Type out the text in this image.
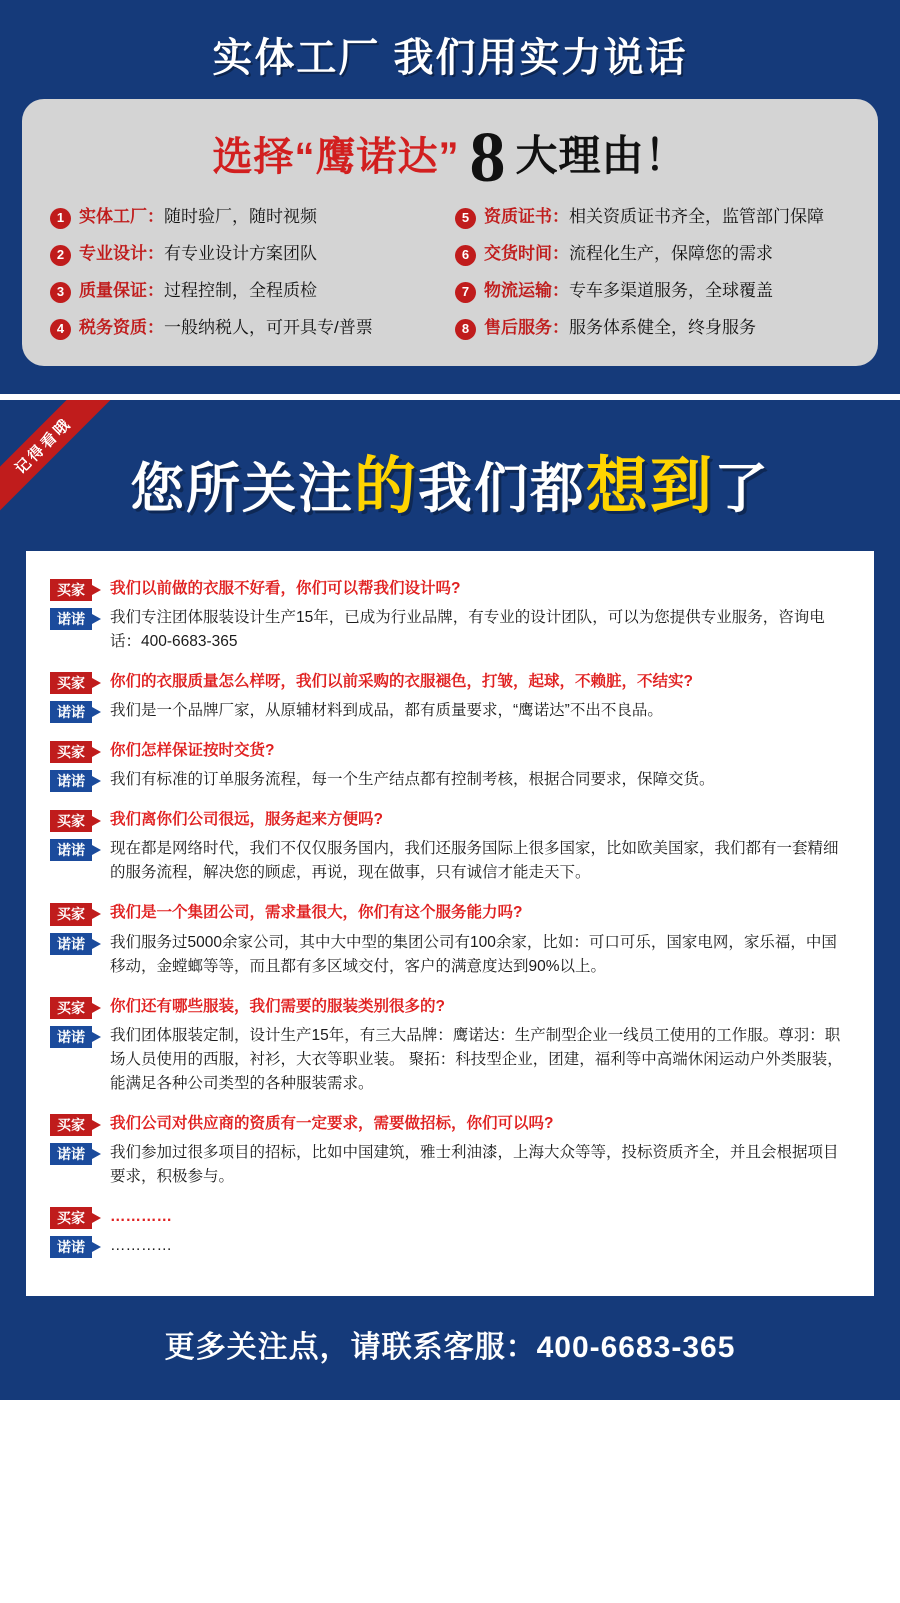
实体工厂 我们用实力说话
选择“鹰诺达” 8 大理由！
1 实体工厂：随时验厂，随时视频	5 资质证书：相关资质证书齐全，监管部门保障
2 专业设计：有专业设计方案团队	6 交货时间：流程化生产，保障您的需求
3 质量保证：过程控制，全程质检	7 物流运输：专车多渠道服务，全球覆盖
4 税务资质：一般纳税人，可开具专/普票	8 售后服务：服务体系健全，终身服务
记得看哦
您所关注的我们都想到了
买家	我们以前做的衣服不好看，你们可以帮我们设计吗?
诺诺	我们专注团体服装设计生产15年，已成为行业品牌，有专业的设计团队，可以为您提供专业服务，咨询电话：400-6683-365
买家	你们的衣服质量怎么样呀，我们以前采购的衣服褪色，打皱，起球，不赖脏，不结实?
诺诺	我们是一个品牌厂家，从原辅材料到成品，都有质量要求，“鹰诺达”不出不良品。
买家	你们怎样保证按时交货?
诺诺	我们有标准的订单服务流程，每一个生产结点都有控制考核，根据合同要求，保障交货。
买家	我们离你们公司很远，服务起来方便吗?
诺诺	现在都是网络时代，我们不仅仅服务国内，我们还服务国际上很多国家，比如欧美国家，我们都有一套精细的服务流程，解决您的顾虑，再说，现在做事，只有诚信才能走天下。
买家	我们是一个集团公司，需求量很大，你们有这个服务能力吗?
诺诺	我们服务过5000余家公司，其中大中型的集团公司有100余家，比如：可口可乐，国家电网，家乐福，中国移动，金螳螂等等，而且都有多区域交付，客户的满意度达到90%以上。
买家	你们还有哪些服装，我们需要的服装类别很多的?
诺诺	我们团体服装定制，设计生产15年，有三大品牌：鹰诺达：生产制型企业一线员工使用的工作服。尊羽：职场人员使用的西服，衬衫，大衣等职业装。 聚拓：科技型企业，团建，福利等中高端休闲运动户外类服装，能满足各种公司类型的各种服装需求。
买家	我们公司对供应商的资质有一定要求，需要做招标，你们可以吗?
诺诺	我们参加过很多项目的招标，比如中国建筑，雅士利油漆，上海大众等等，投标资质齐全，并且会根据项目要求，积极参与。
买家	…………
诺诺	…………
更多关注点，请联系客服：400-6683-365
